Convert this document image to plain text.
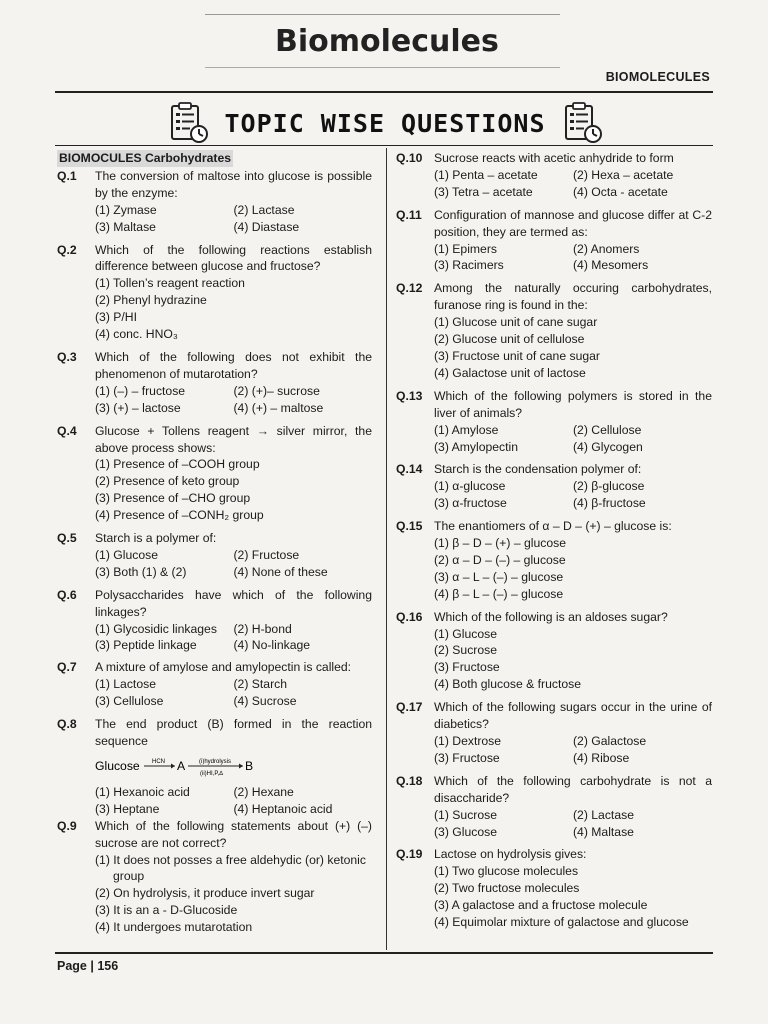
Biomolecules
BIOMOLECULES
TOPIC WISE QUESTIONS
BIOMOCULES Carbohydrates
Q.1	The conversion of maltose into glucose is possible by the enzyme:
(1) Zymase	(2) Lactase
(3) Maltase	(4) Diastase
Q.2	Which of the following reactions establish difference between glucose and fructose?
(1) Tollen’s reagent reaction
(2) Phenyl hydrazine
(3) P/HI
(4) conc. HNO₃
Q.3	Which of the following does not exhibit the phenomenon of mutarotation?
(1) (–) – fructose	(2) (+)– sucrose
(3) (+) – lactose	(4) (+) – maltose
Q.4	Glucose + Tollens reagent → silver mirror, the above process shows:
(1) Presence of –COOH group
(2) Presence of keto group
(3) Presence of –CHO group
(4) Presence of –CONH₂ group
Q.5	Starch is a polymer of:
(1) Glucose	(2) Fructose
(3) Both (1) & (2)	(4) None of these
Q.6	Polysaccharides have which of the following linkages?
(1) Glycosidic linkages	(2) H-bond
(3) Peptide linkage	(4) No-linkage
Q.7	A mixture of amylose and amylopectin is called:
(1) Lactose	(2) Starch
(3) Cellulose	(4) Sucrose
Q.8	The end product (B) formed in the reaction sequence
Glucose HCN A (i)hydrolysis
(ii)HI,P,∆
B
(1) Hexanoic acid	(2) Hexane
(3) Heptane	(4) Heptanoic acid
Q.9	Which of the following statements about (+) (–) sucrose are not correct?
(1) It does not posses a free aldehydic (or) ketonic group
(2) On hydrolysis, it produce invert sugar
(3) It is an a - D-Glucoside
(4) It undergoes mutarotation
Q.10 Sucrose reacts with acetic anhydride to form
(1) Penta – acetate	(2) Hexa – acetate
(3) Tetra – acetate	(4) Octa - acetate
Q.11	Configuration of mannose and glucose differ at C-2 position, they are termed as:
(1) Epimers	(2) Anomers
(3) Racimers	(4) Mesomers
Q.12 Among the naturally occuring carbohydrates, furanose ring is found in the:
(1) Glucose unit of cane sugar
(2) Glucose unit of cellulose
(3) Fructose unit of cane sugar
(4) Galactose unit of lactose
Q.13 Which of the following polymers is stored in the liver of animals?
(1) Amylose	(2) Cellulose
(3) Amylopectin	(4) Glycogen
Q.14 Starch is the condensation polymer of:
(1) α-glucose	(2) β-glucose
(3) α-fructose	(4) β-fructose
Q.15 The enantiomers of α – D – (+) – glucose is:
(1) β – D – (+) – glucose
(2) α – D – (–) – glucose
(3) α – L – (–) – glucose
(4) β – L – (–) – glucose
Q.16 Which of the following is an aldoses sugar?
(1) Glucose
(2) Sucrose
(3) Fructose
(4) Both glucose & fructose
Q.17 Which of the following sugars occur in the urine of diabetics?
(1) Dextrose	(2) Galactose
(3) Fructose	(4) Ribose
Q.18 Which of the following carbohydrate is not a disaccharide?
(1) Sucrose	(2) Lactase
(3) Glucose	(4) Maltase
Q.19 Lactose on hydrolysis gives:
(1) Two glucose molecules
(2) Two fructose molecules
(3) A galactose and a fructose molecule
(4) Equimolar mixture of galactose and glucose
Page | 156
